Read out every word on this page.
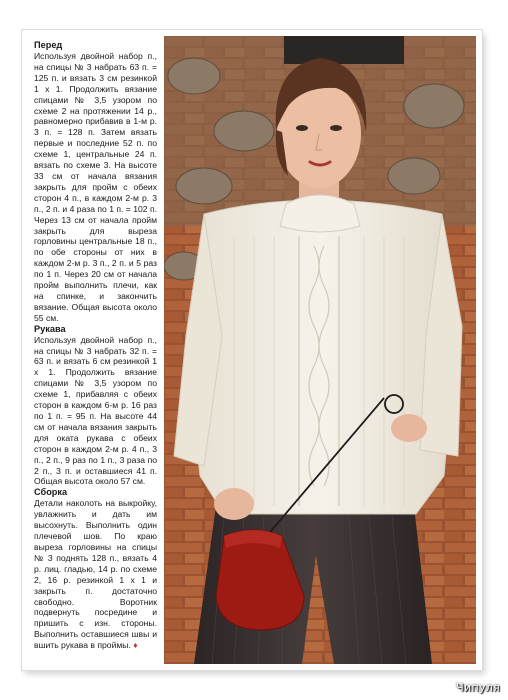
Перед

Используя двойной набор п., на спицы № 3 набрать 63 п. = 125 п. и вязать 3 см резинкой 1 x 1. Продолжить вязание спицами № 3,5 узором по схеме 2 на протяжении 14 р., равномерно прибавив в 1-м р. 3 п. = 128 п. Затем вязать первые и последние 52 п. по схеме 1, центральные 24 п. вязать по схеме 3. На высоте 33 см от начала вязания закрыть для пройм с обеих сторон 4 п., в каждом 2-м р. 3 п., 2 п. и 4 раза по 1 п. = 102 п. Через 13 см от начала пройм закрыть для выреза горловины центральные 18 п., по обе стороны от них в каждом 2-м р. 3 п., 2 п. и 5 раз по 1 п. Через 20 см от начала пройм выполнить плечи, как на спинке, и закончить вязание. Общая высота около 55 см.

Рукава

Используя двойной набор п., на спицы № 3 набрать 32 п. = 63 п. и вязать 6 см резинкой 1 x 1. Продолжить вязание спицами № 3,5 узором по схеме 1, прибавляя с обеих сторон в каждом 6-м р. 16 раз по 1 п. = 95 п. На высоте 44 см от начала вязания закрыть для оката рукава с обеих сторон в каждом 2-м р. 4 п., 3 п., 2 п., 9 раз по 1 п., 3 раза по 2 п., 3 п. и оставшиеся 41 п. Общая высота около 57 см.

Сборка

Детали наколоть на выкройку, увлажнить и дать им высохнуть. Выполнить один плечевой шов. По краю выреза горловины на спицы № 3 поднять 128 п., вязать 4 р. лиц. гладью, 14 р. по схеме 2, 16 р. резинкой 1 x 1 и закрыть п. достаточно свободно. Воротник подвернуть посредине и пришить с изн. стороны. Выполнить оставшиеся швы и вшить рукава в проймы. ♦

Чипуля
